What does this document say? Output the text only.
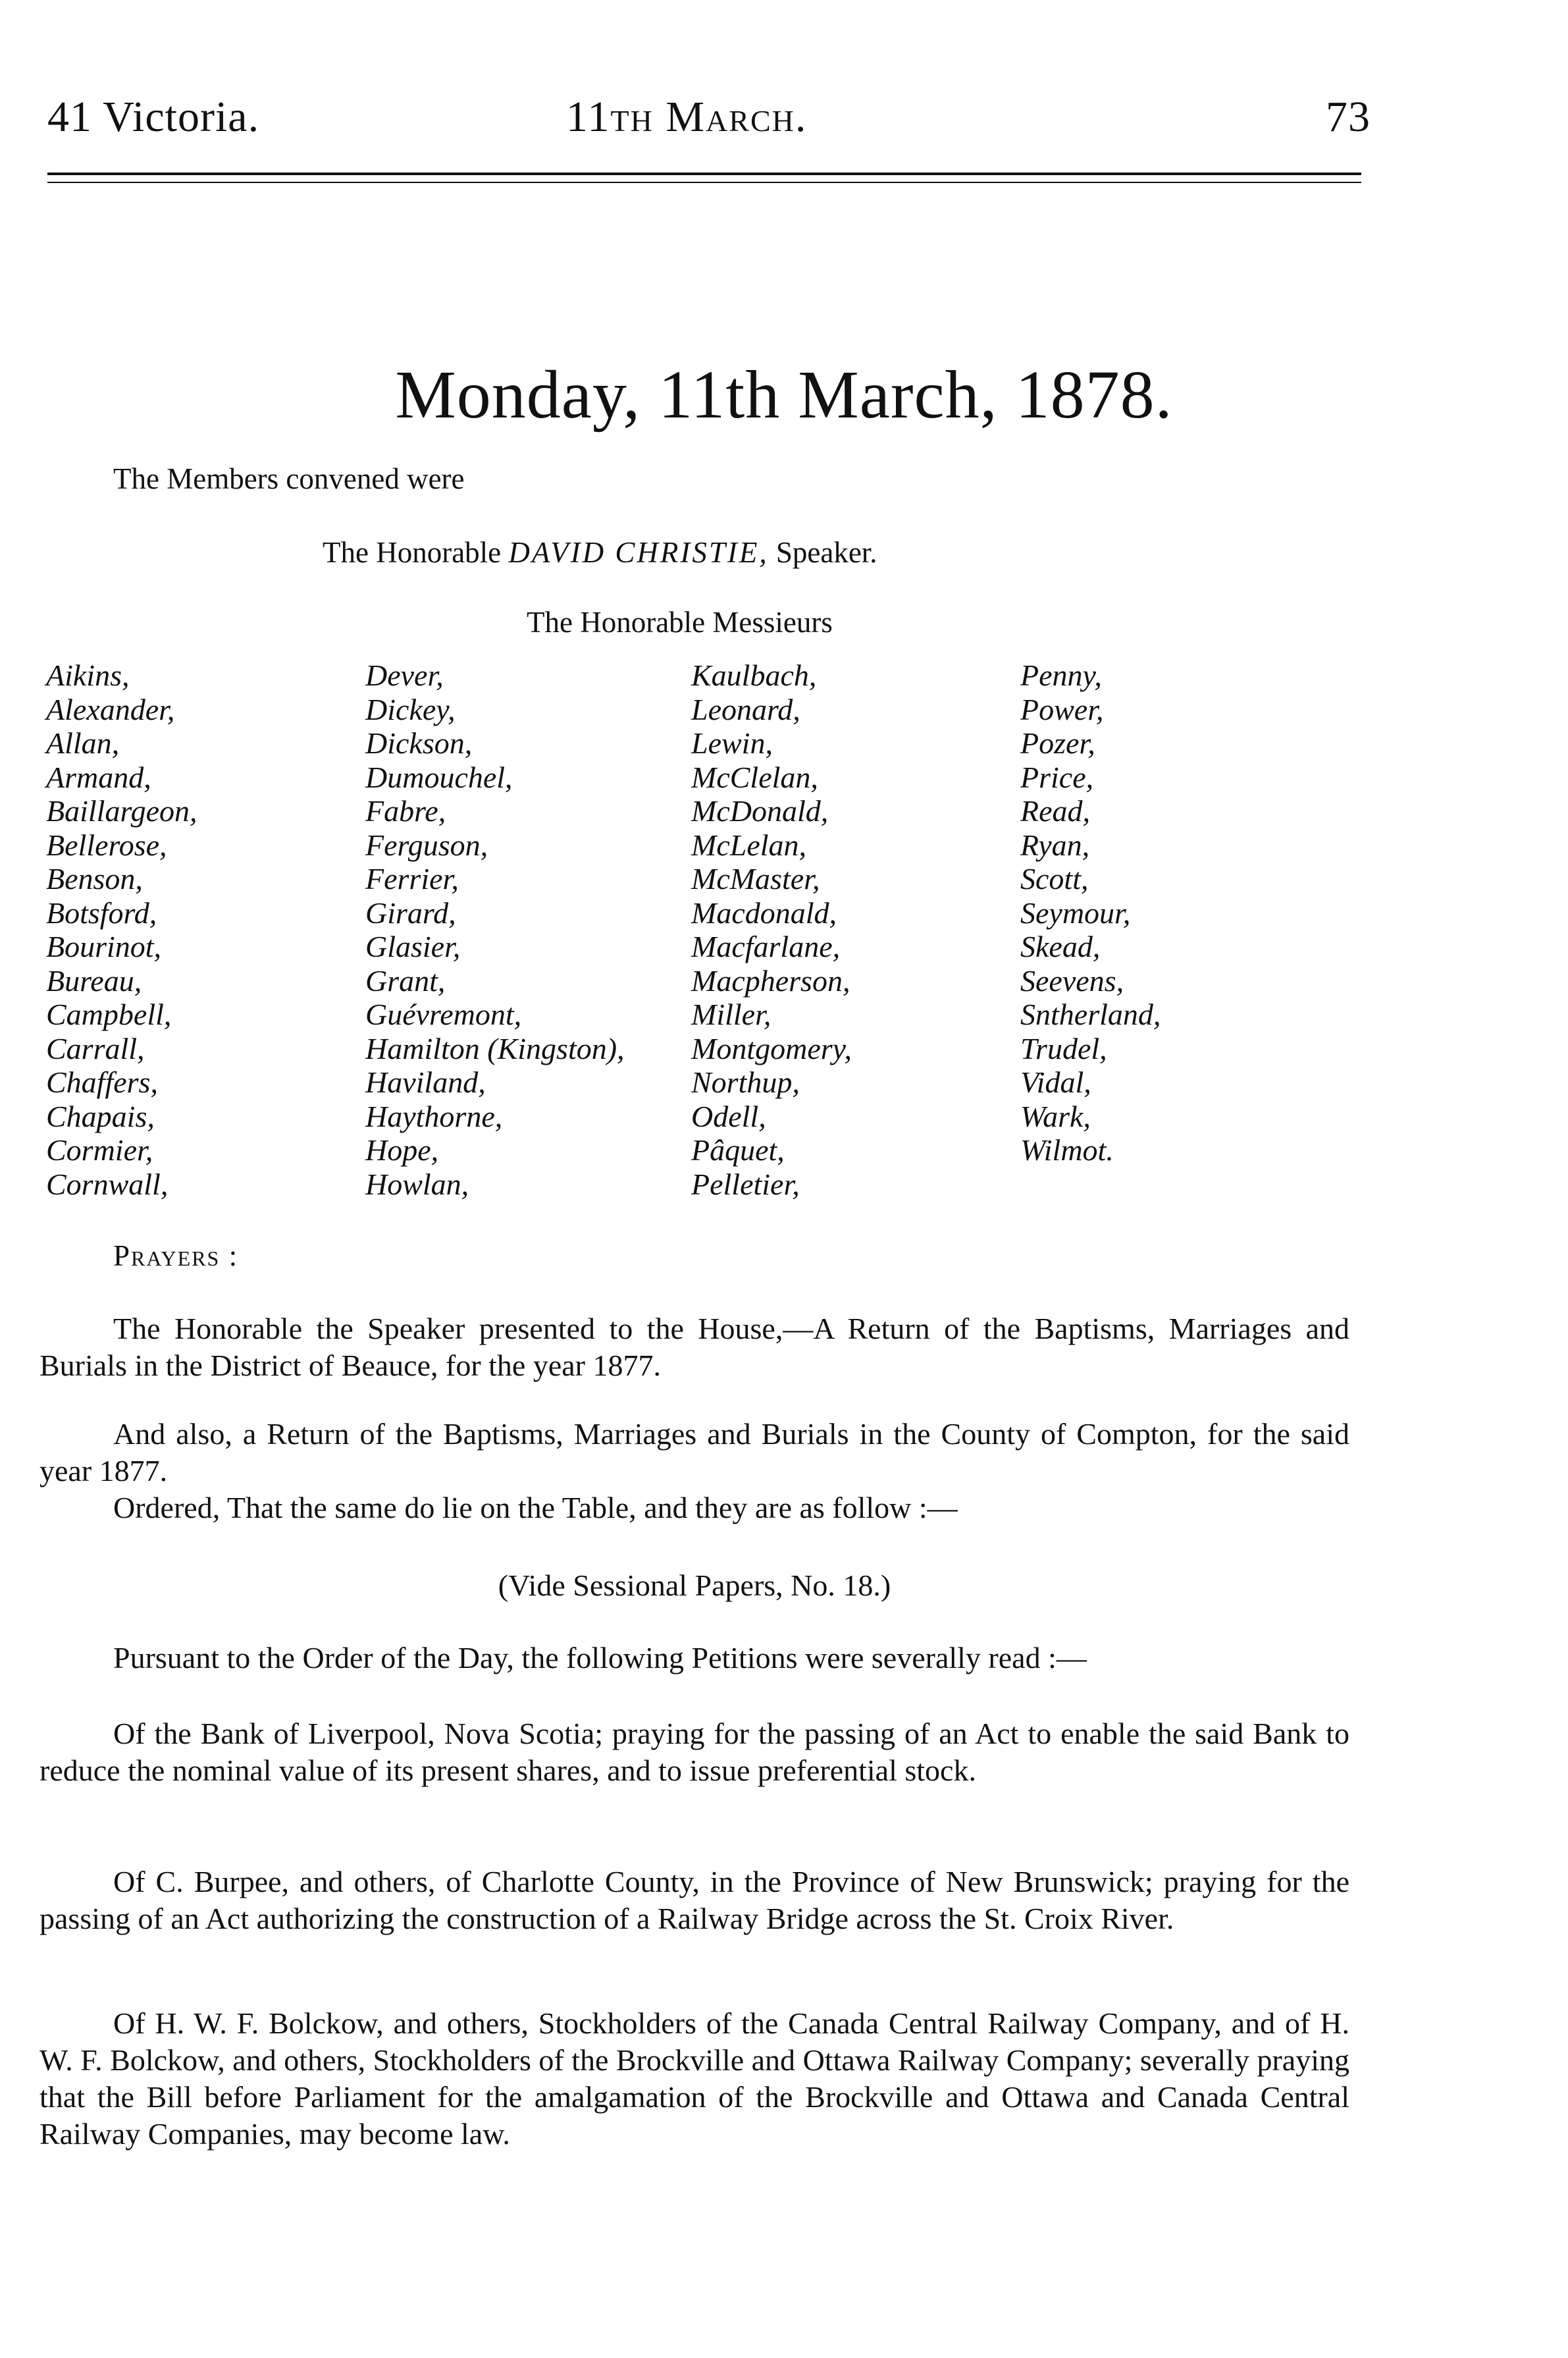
41 Victoria.	11th March.	73
Monday, 11th March, 1878.
The Members convened were
The Honorable DAVID CHRISTIE, Speaker.
The Honorable Messieurs
Aikins,
Alexander,
Allan,
Armand,
Baillargeon,
Bellerose,
Benson,
Botsford,
Bourinot,
Bureau,
Campbell,
Carrall,
Chaffers,
Chapais,
Cormier,
Cornwall,
Dever,
Dickey,
Dickson,
Dumouchel,
Fabre,
Ferguson,
Ferrier,
Girard,
Glasier,
Grant,
Guévremont,
Hamilton (Kingston),
Haviland,
Haythorne,
Hope,
Howlan,
Kaulbach,
Leonard,
Lewin,
McClelan,
McDonald,
McLelan,
McMaster,
Macdonald,
Macfarlane,
Macpherson,
Miller,
Montgomery,
Northup,
Odell,
Pâquet,
Pelletier,
Penny,
Power,
Pozer,
Price,
Read,
Ryan,
Scott,
Seymour,
Skead,
Seevens,
Sntherland,
Trudel,
Vidal,
Wark,
Wilmot.
Prayers :
The Honorable the Speaker presented to the House,—A Return of the Baptisms, Marriages and Burials in the District of Beauce, for the year 1877.
And also, a Return of the Baptisms, Marriages and Burials in the County of Compton, for the said year 1877.
Ordered, That the same do lie on the Table, and they are as follow :—
(Vide Sessional Papers, No. 18.)
Pursuant to the Order of the Day, the following Petitions were severally read :—
Of the Bank of Liverpool, Nova Scotia; praying for the passing of an Act to enable the said Bank to reduce the nominal value of its present shares, and to issue preferential stock.
Of C. Burpee, and others, of Charlotte County, in the Province of New Brunswick; praying for the passing of an Act authorizing the construction of a Railway Bridge across the St. Croix River.
Of H. W. F. Bolckow, and others, Stockholders of the Canada Central Railway Company, and of H. W. F. Bolckow, and others, Stockholders of the Brockville and Ottawa Railway Company; severally praying that the Bill before Parliament for the amalgamation of the Brockville and Ottawa and Canada Central Railway Companies, may become law.
